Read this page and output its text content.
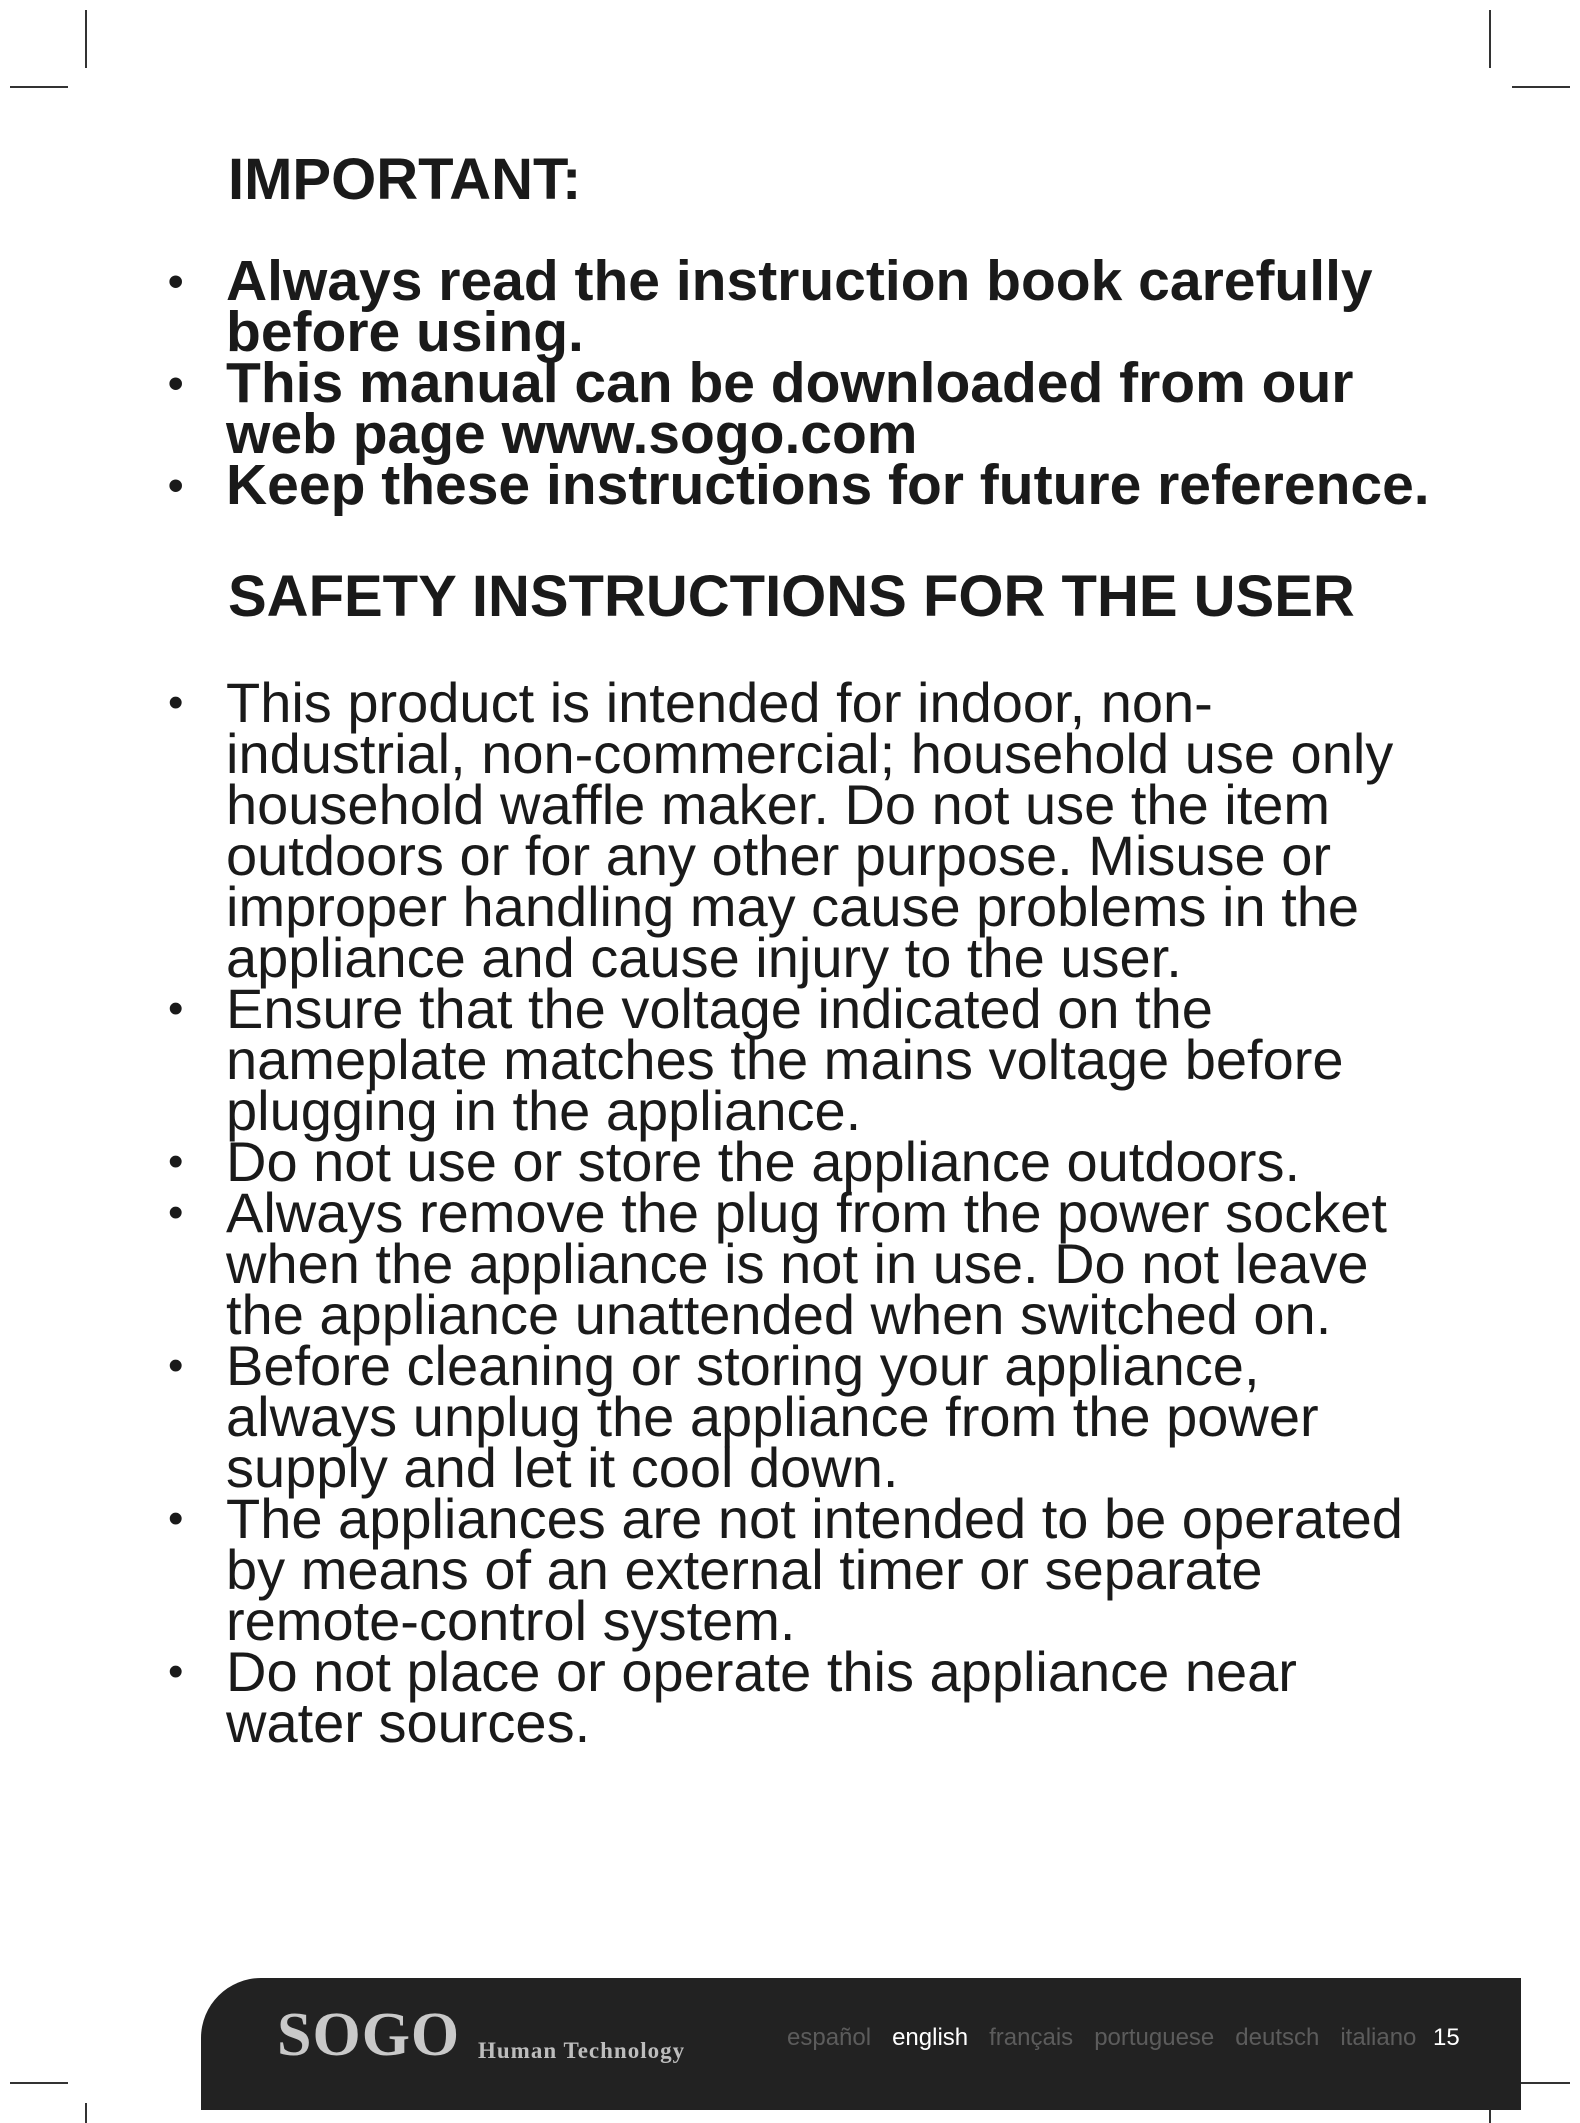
IMPORTANT:
• Always read the instruction book carefully before using.
• This manual can be downloaded from our web page www.sogo.com
• Keep these instructions for future reference.
SAFETY INSTRUCTIONS FOR THE USER
• This product is intended for indoor, non-industrial, non-commercial; household use only household waffle maker. Do not use the item outdoors or for any other purpose. Misuse or improper handling may cause problems in the appliance and cause injury to the user.
• Ensure that the voltage indicated on the nameplate matches the mains voltage before plugging in the appliance.
• Do not use or store the appliance outdoors.
• Always remove the plug from the power socket when the appliance is not in use. Do not leave the appliance unattended when switched on.
• Before cleaning or storing your appliance, always unplug the appliance from the power supply and let it cool down.
• The appliances are not intended to be operated by means of an external timer or separate remote-control system.
• Do not place or operate this appliance near water sources.
SOGO Human Technology	español english français portuguese deutsch italiano 15
